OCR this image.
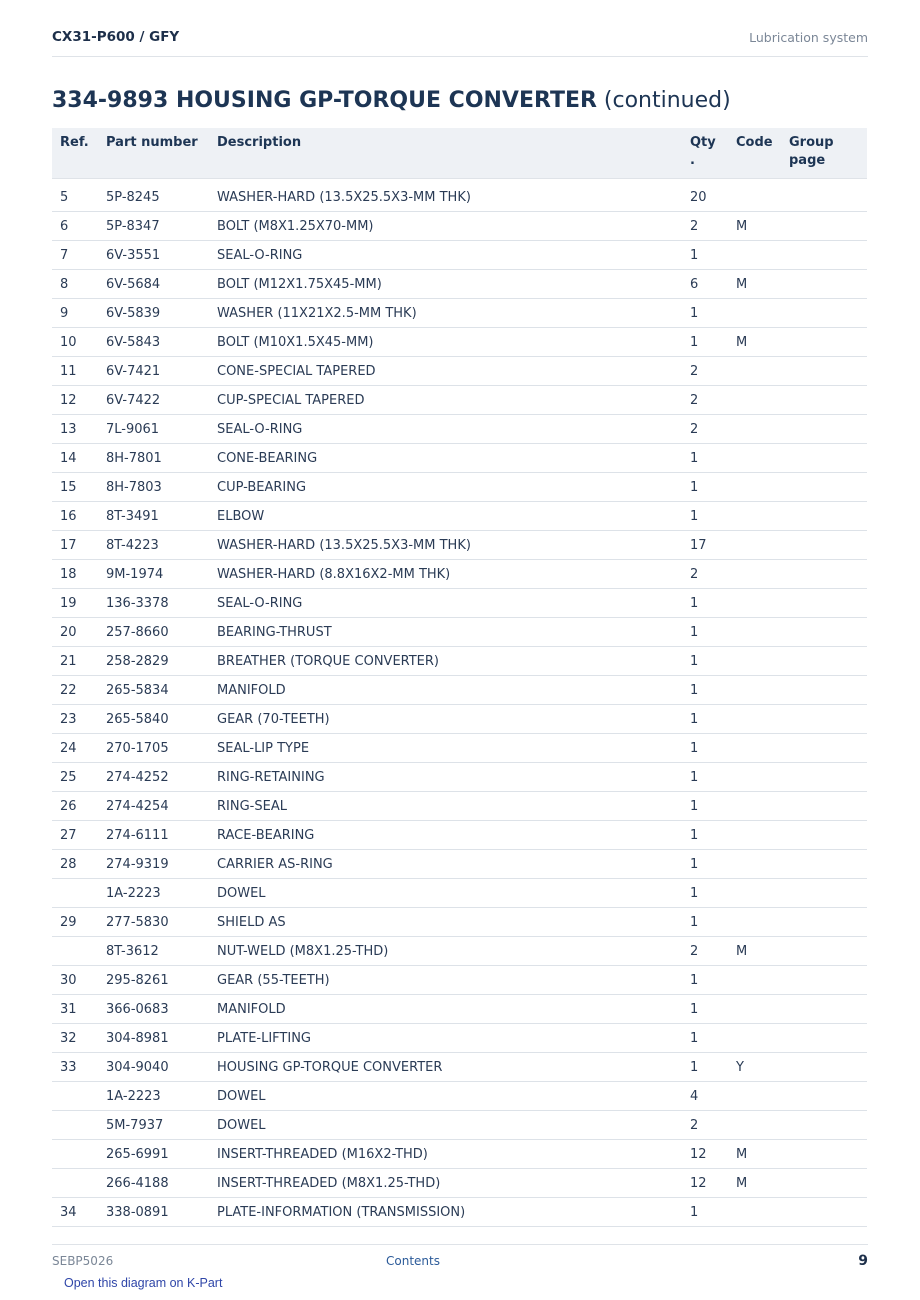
CX31-P600 / GFY	Lubrication system
334-9893 HOUSING GP-TORQUE CONVERTER (continued)
Ref.	Part number	Description	Qty .	Code	Group page
5	5P-8245	WASHER-HARD (13.5X25.5X3-MM THK)	20		
6	5P-8347	BOLT (M8X1.25X70-MM)	2	M	
7	6V-3551	SEAL-O-RING	1		
8	6V-5684	BOLT (M12X1.75X45-MM)	6	M	
9	6V-5839	WASHER (11X21X2.5-MM THK)	1		
10	6V-5843	BOLT (M10X1.5X45-MM)	1	M	
11	6V-7421	CONE-SPECIAL TAPERED	2		
12	6V-7422	CUP-SPECIAL TAPERED	2		
13	7L-9061	SEAL-O-RING	2		
14	8H-7801	CONE-BEARING	1		
15	8H-7803	CUP-BEARING	1		
16	8T-3491	ELBOW	1		
17	8T-4223	WASHER-HARD (13.5X25.5X3-MM THK)	17		
18	9M-1974	WASHER-HARD (8.8X16X2-MM THK)	2		
19	136-3378	SEAL-O-RING	1		
20	257-8660	BEARING-THRUST	1		
21	258-2829	BREATHER (TORQUE CONVERTER)	1		
22	265-5834	MANIFOLD	1		
23	265-5840	GEAR (70-TEETH)	1		
24	270-1705	SEAL-LIP TYPE	1		
25	274-4252	RING-RETAINING	1		
26	274-4254	RING-SEAL	1		
27	274-6111	RACE-BEARING	1		
28	274-9319	CARRIER AS-RING	1		
	1A-2223	DOWEL	1		
29	277-5830	SHIELD AS	1		
	8T-3612	NUT-WELD (M8X1.25-THD)	2	M	
30	295-8261	GEAR (55-TEETH)	1		
31	366-0683	MANIFOLD	1		
32	304-8981	PLATE-LIFTING	1		
33	304-9040	HOUSING GP-TORQUE CONVERTER	1	Y	
	1A-2223	DOWEL	4		
	5M-7937	DOWEL	2		
	265-6991	INSERT-THREADED (M16X2-THD)	12	M	
	266-4188	INSERT-THREADED (M8X1.25-THD)	12	M	
34	338-0891	PLATE-INFORMATION (TRANSMISSION)	1		
SEBP5026	Contents	9
Open this diagram on K-Part
